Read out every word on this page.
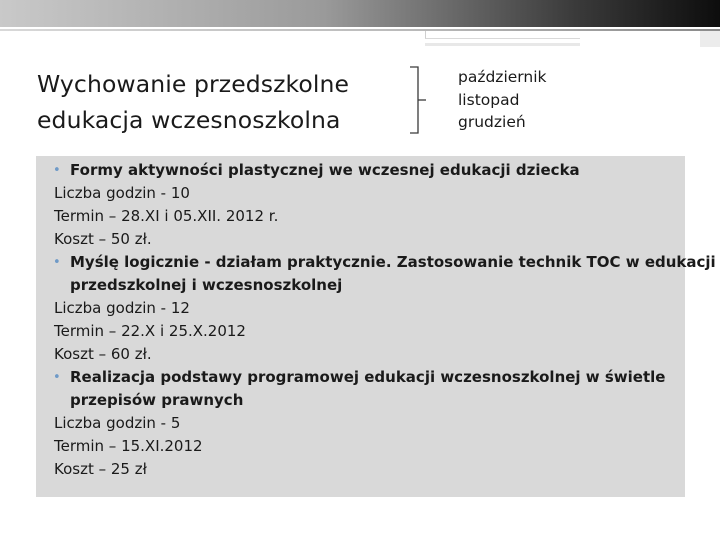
Wychowanie przedszkolne
edukacja wczesnoszkolna
październik
listopad
grudzień
• Formy aktywności plastycznej we wczesnej edukacji dziecka
Liczba godzin - 10
Termin – 28.XI i 05.XII. 2012 r.
Koszt – 50 zł.
• Myślę logicznie - działam praktycznie. Zastosowanie technik TOC w edukacji
przedszkolnej i wczesnoszkolnej
Liczba godzin - 12
Termin – 22.X i 25.X.2012
Koszt – 60 zł.
• Realizacja podstawy programowej edukacji wczesnoszkolnej w świetle
przepisów prawnych
Liczba godzin - 5
Termin – 15.XI.2012
Koszt – 25 zł
